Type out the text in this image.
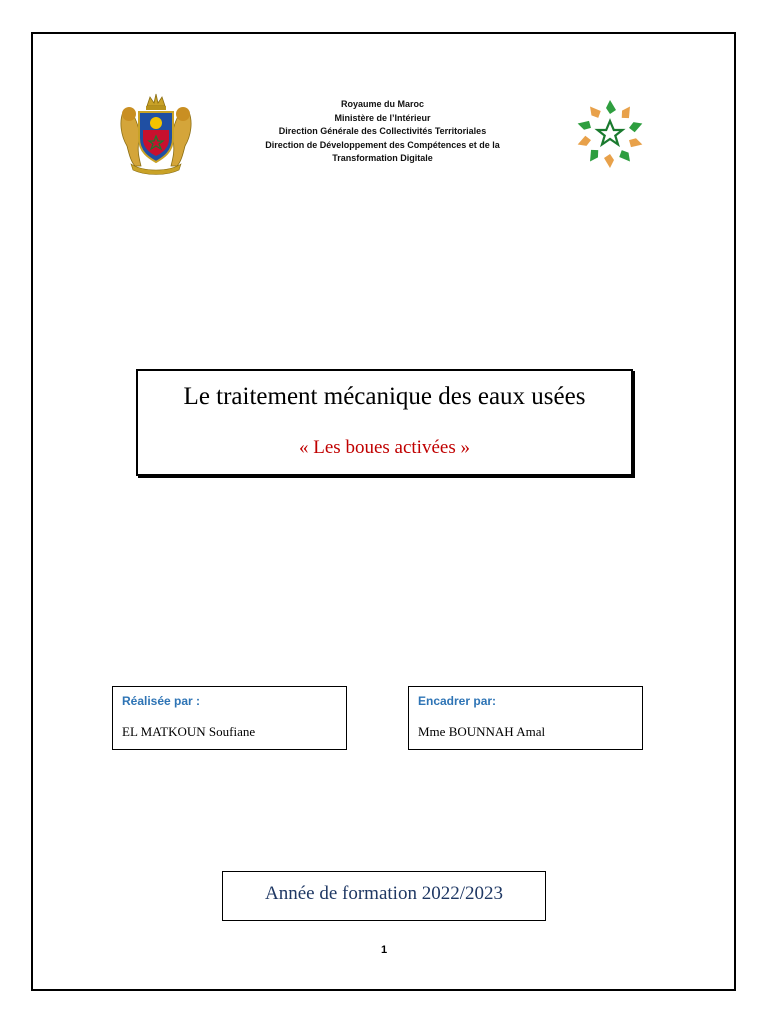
Royaume du Maroc
Ministère de l’Intérieur
Direction Générale des Collectivités Territoriales
Direction de Développement des Compétences et de la
Transformation Digitale
Le traitement mécanique des eaux usées
« Les boues activées »
Réalisée par :
EL MATKOUN Soufiane
Encadrer par:
Mme BOUNNAH Amal
Année de formation 2022/2023
1
